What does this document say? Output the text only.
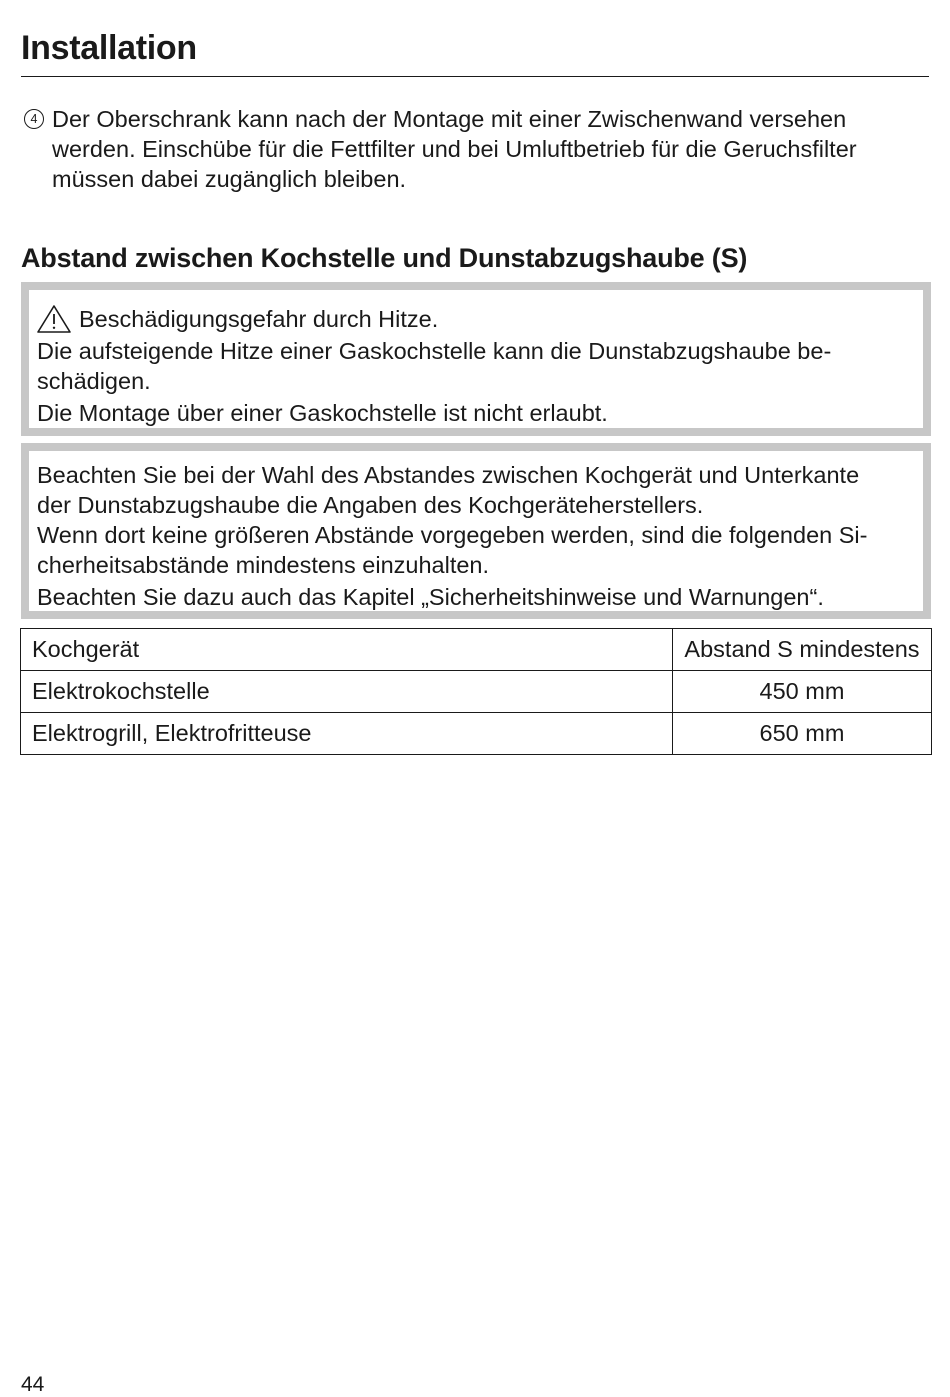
Installation
4 Der Oberschrank kann nach der Montage mit einer Zwischenwand versehen werden. Einschübe für die Fettfilter und bei Umluftbetrieb für die Geruchsfilter müssen dabei zugänglich bleiben.
Abstand zwischen Kochstelle und Dunstabzugshaube (S)

Beschädigungsgefahr durch Hitze.

Die aufsteigende Hitze einer Gaskochstelle kann die Dunstabzugshaube be-

schädigen.

Die Montage über einer Gaskochstelle ist nicht erlaubt.

Beachten Sie bei der Wahl des Abstandes zwischen Kochgerät und Unterkante

der Dunstabzugshaube die Angaben des Kochgeräteherstellers.

Wenn dort keine größeren Abstände vorgegeben werden, sind die folgenden Si-

cherheitsabstände mindestens einzuhalten.

Beachten Sie dazu auch das Kapitel „Sicherheitshinweise und Warnungen“.

Kochgerät	Abstand S mindestens
Elektrokochstelle	450 mm
Elektrogrill, Elektrofritteuse	650 mm
44
